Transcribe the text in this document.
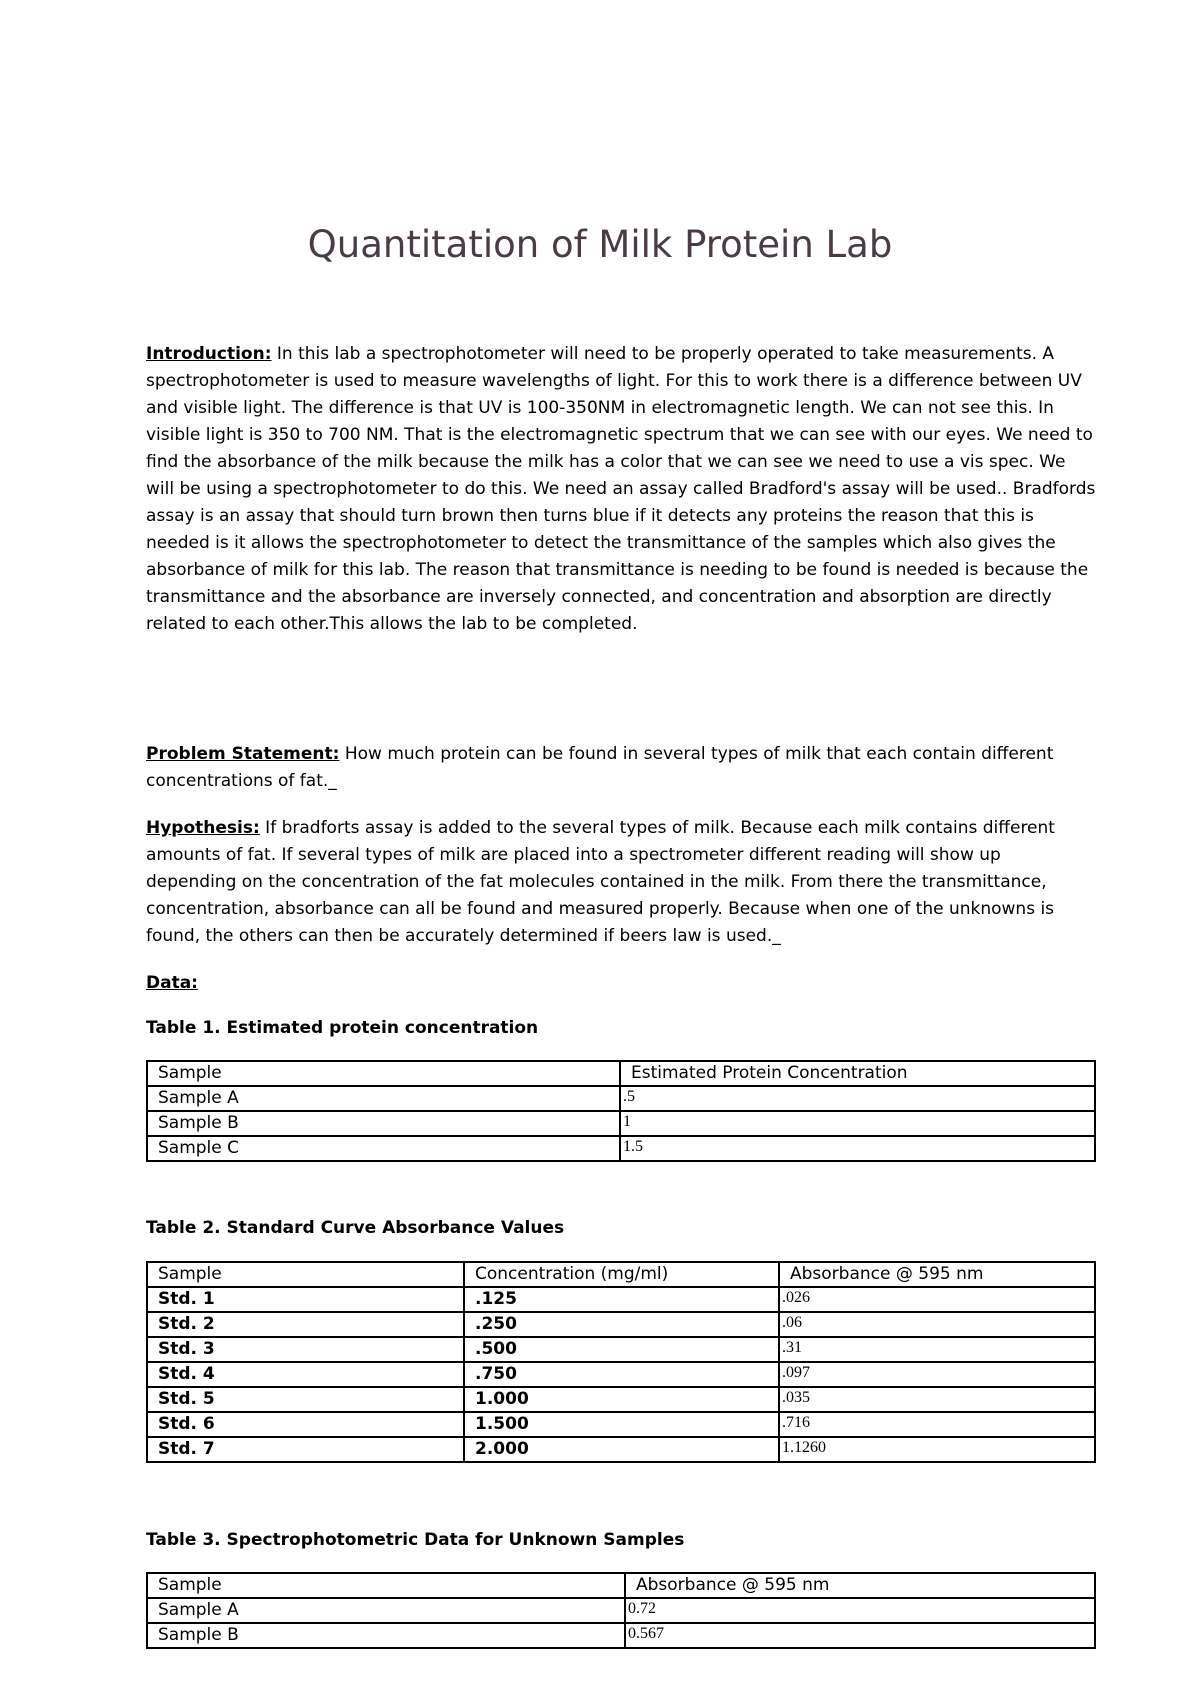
Quantitation of Milk Protein Lab
Introduction: In this lab a spectrophotometer will need to be properly operated to take measurements. A spectrophotometer is used to measure wavelengths of light. For this to work there is a difference between UV and visible light. The difference is that UV is 100-350NM in electromagnetic length. We can not see this. In visible light is 350 to 700 NM. That is the electromagnetic spectrum that we can see with our eyes. We need to find the absorbance of the milk because the milk has a color that we can see we need to use a vis spec. We will be using a spectrophotometer to do this. We need an assay called Bradford's assay will be used.. Bradfords assay is an assay that should turn brown then turns blue if it detects any proteins the reason that this is needed is it allows the spectrophotometer to detect the transmittance of the samples which also gives the absorbance of milk for this lab. The reason that transmittance is needing to be found is needed is because the transmittance and the absorbance are inversely connected, and concentration and absorption are directly related to each other.This allows the lab to be completed.
Problem Statement: How much protein can be found in several types of milk that each contain different concentrations of fat._
Hypothesis: If bradforts assay is added to the several types of milk. Because each milk contains different amounts of fat. If several types of milk are placed into a spectrometer different reading will show up depending on the concentration of the fat molecules contained in the milk. From there the transmittance, concentration, absorbance can all be found and measured properly. Because when one of the unknowns is found, the others can then be accurately determined if beers law is used._
Data:
Table 1. Estimated protein concentration
Sample	Estimated Protein Concentration
Sample A	.5
Sample B	1
Sample C	1.5
Table 2. Standard Curve Absorbance Values
Sample	Concentration (mg/ml)	Absorbance @ 595 nm
Std. 1	.125	.026
Std. 2	.250	.06
Std. 3	.500	.31
Std. 4	.750	.097
Std. 5	1.000	.035
Std. 6	1.500	.716
Std. 7	2.000	1.1260
Table 3. Spectrophotometric Data for Unknown Samples
Sample	Absorbance @ 595 nm
Sample A	0.72
Sample B	0.567
